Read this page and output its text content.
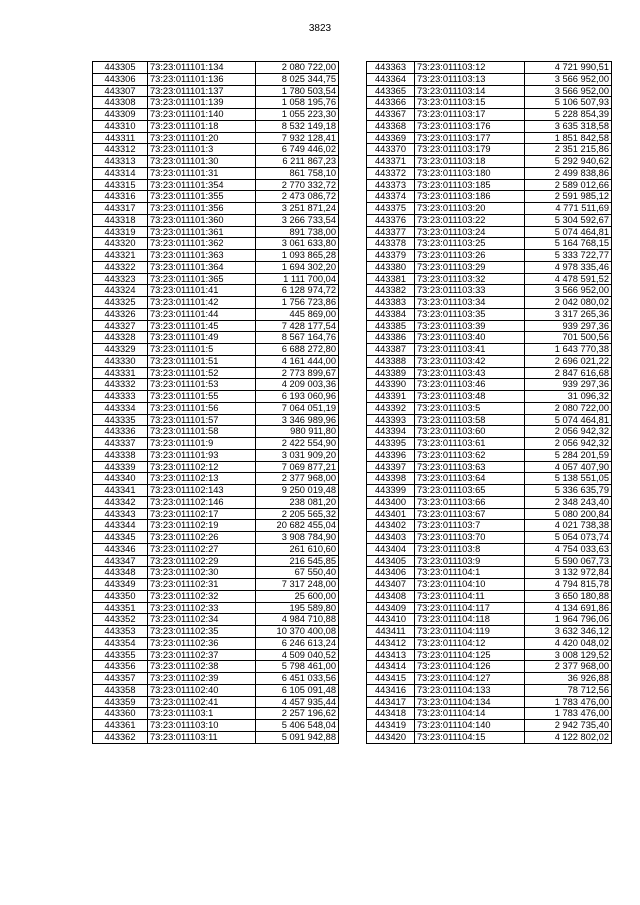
3823
443305	73:23:011101:134	2 080 722,00
443306	73:23:011101:136	8 025 344,75
443307	73:23:011101:137	1 780 503,54
443308	73:23:011101:139	1 058 195,76
443309	73:23:011101:140	1 055 223,30
443310	73:23:011101:18	8 532 149,18
443311	73:23:011101:20	7 932 128,41
443312	73:23:011101:3	6 749 446,02
443313	73:23:011101:30	6 211 867,23
443314	73:23:011101:31	861 758,10
443315	73:23:011101:354	2 770 332,72
443316	73:23:011101:355	2 473 086,72
443317	73:23:011101:356	3 251 871,24
443318	73:23:011101:360	3 266 733,54
443319	73:23:011101:361	891 738,00
443320	73:23:011101:362	3 061 633,80
443321	73:23:011101:363	1 093 865,28
443322	73:23:011101:364	1 694 302,20
443323	73:23:011101:365	1 111 700,04
443324	73:23:011101:41	6 128 974,72
443325	73:23:011101:42	1 756 723,86
443326	73:23:011101:44	445 869,00
443327	73:23:011101:45	7 428 177,54
443328	73:23:011101:49	8 567 164,76
443329	73:23:011101:5	6 688 272,80
443330	73:23:011101:51	4 161 444,00
443331	73:23:011101:52	2 773 899,67
443332	73:23:011101:53	4 209 003,36
443333	73:23:011101:55	6 193 060,96
443334	73:23:011101:56	7 064 051,19
443335	73:23:011101:57	3 346 989,96
443336	73:23:011101:58	980 911,80
443337	73:23:011101:9	2 422 554,90
443338	73:23:011101:93	3 031 909,20
443339	73:23:011102:12	7 069 877,21
443340	73:23:011102:13	2 377 968,00
443341	73:23:011102:143	9 250 019,48
443342	73:23:011102:146	238 081,20
443343	73:23:011102:17	2 205 565,32
443344	73:23:011102:19	20 682 455,04
443345	73:23:011102:26	3 908 784,90
443346	73:23:011102:27	261 610,60
443347	73:23:011102:29	216 545,85
443348	73:23:011102:30	67 550,40
443349	73:23:011102:31	7 317 248,00
443350	73:23:011102:32	25 600,00
443351	73:23:011102:33	195 589,80
443352	73:23:011102:34	4 984 710,88
443353	73:23:011102:35	10 370 400,08
443354	73:23:011102:36	6 246 613,24
443355	73:23:011102:37	4 509 040,52
443356	73:23:011102:38	5 798 461,00
443357	73:23:011102:39	6 451 033,56
443358	73:23:011102:40	6 105 091,48
443359	73:23:011102:41	4 457 935,44
443360	73:23:011103:1	2 257 196,62
443361	73:23:011103:10	5 406 548,04
443362	73:23:011103:11	5 091 942,88
443363	73:23:011103:12	4 721 990,51
443364	73:23:011103:13	3 566 952,00
443365	73:23:011103:14	3 566 952,00
443366	73:23:011103:15	5 106 507,93
443367	73:23:011103:17	5 228 854,39
443368	73:23:011103:176	3 635 318,58
443369	73:23:011103:177	1 851 842,58
443370	73:23:011103:179	2 351 215,86
443371	73:23:011103:18	5 292 940,62
443372	73:23:011103:180	2 499 838,86
443373	73:23:011103:185	2 589 012,66
443374	73:23:011103:186	2 591 985,12
443375	73:23:011103:20	4 771 511,69
443376	73:23:011103:22	5 304 592,67
443377	73:23:011103:24	5 074 464,81
443378	73:23:011103:25	5 164 768,15
443379	73:23:011103:26	5 333 722,77
443380	73:23:011103:29	4 978 335,46
443381	73:23:011103:32	4 478 591,52
443382	73:23:011103:33	3 566 952,00
443383	73:23:011103:34	2 042 080,02
443384	73:23:011103:35	3 317 265,36
443385	73:23:011103:39	939 297,36
443386	73:23:011103:40	701 500,56
443387	73:23:011103:41	1 643 770,38
443388	73:23:011103:42	2 696 021,22
443389	73:23:011103:43	2 847 616,68
443390	73:23:011103:46	939 297,36
443391	73:23:011103:48	31 096,32
443392	73:23:011103:5	2 080 722,00
443393	73:23:011103:58	5 074 464,81
443394	73:23:011103:60	2 056 942,32
443395	73:23:011103:61	2 056 942,32
443396	73:23:011103:62	5 284 201,59
443397	73:23:011103:63	4 057 407,90
443398	73:23:011103:64	5 138 551,05
443399	73:23:011103:65	5 336 635,79
443400	73:23:011103:66	2 348 243,40
443401	73:23:011103:67	5 080 200,84
443402	73:23:011103:7	4 021 738,38
443403	73:23:011103:70	5 054 073,74
443404	73:23:011103:8	4 754 033,63
443405	73:23:011103:9	5 590 067,73
443406	73:23:011104:1	3 132 972,84
443407	73:23:011104:10	4 794 815,78
443408	73:23:011104:11	3 650 180,88
443409	73:23:011104:117	4 134 691,86
443410	73:23:011104:118	1 964 796,06
443411	73:23:011104:119	3 632 346,12
443412	73:23:011104:12	4 420 048,02
443413	73:23:011104:125	3 008 129,52
443414	73:23:011104:126	2 377 968,00
443415	73:23:011104:127	36 926,88
443416	73:23:011104:133	78 712,56
443417	73:23:011104:134	1 783 476,00
443418	73:23:011104:14	1 783 476,00
443419	73:23:011104:140	2 942 735,40
443420	73:23:011104:15	4 122 802,02
